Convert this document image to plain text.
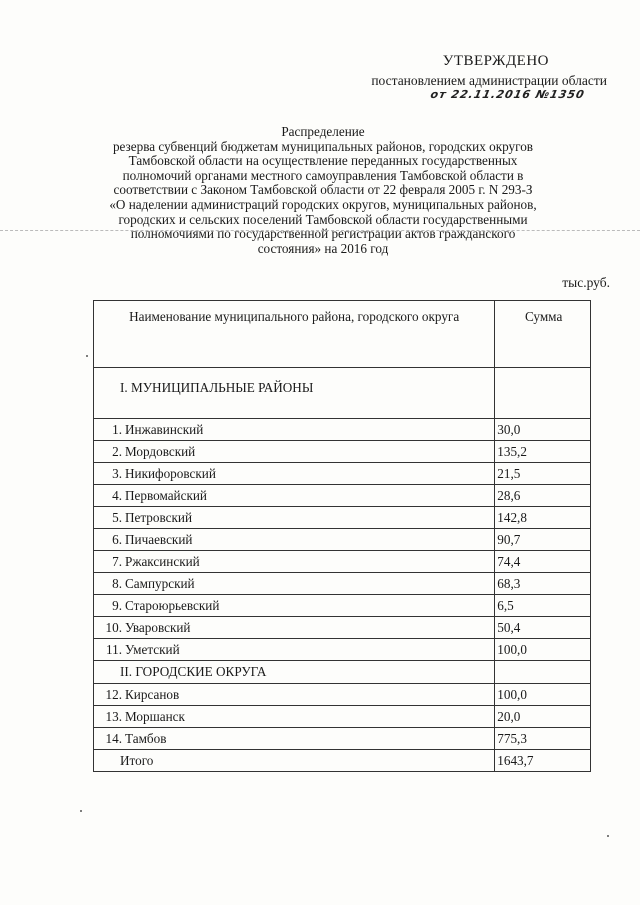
УТВЕРЖДЕНО
постановлением администрации области
от 22.11.2016 №1350
Распределение
резерва субвенций бюджетам муниципальных районов, городских округов
Тамбовской области на осуществление переданных государственных
полномочий органами местного самоуправления Тамбовской области в
соответствии с Законом Тамбовской области от 22 февраля 2005 г. N 293-З
«О наделении администраций городских округов, муниципальных районов,
городских и сельских поселений Тамбовской области государственными
полномочиями по государственной регистрации актов гражданского
состояния» на 2016 год
тыс.руб.
Наименование муниципального района, городского округа	Сумма
I. МУНИЦИПАЛЬНЫЕ РАЙОНЫ	
1. Инжавинский	30,0
2. Мордовский	135,2
3. Никифоровский	21,5
4. Первомайский	28,6
5. Петровский	142,8
6. Пичаевский	90,7
7. Ржаксинский	74,4
8. Сампурский	68,3
9. Староюрьевский	6,5
10. Уваровский	50,4
11. Уметский	100,0
II. ГОРОДСКИЕ ОКРУГА	
12. Кирсанов	100,0
13. Моршанск	20,0
14. Тамбов	775,3
Итого	1643,7
